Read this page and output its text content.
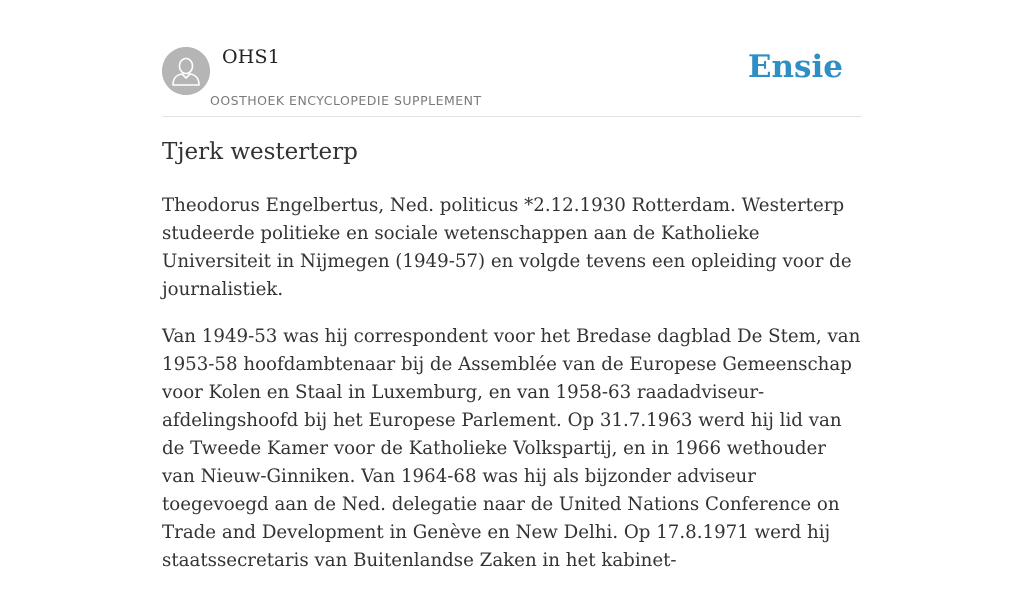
OHS1
OOSTHOEK ENCYCLOPEDIE SUPPLEMENT
Ensie
Tjerk westerterp

Theodorus Engelbertus, Ned. politicus *2.12.1930 Rotterdam. Westerterp studeerde politieke en sociale wetenschappen aan de Katholieke Universiteit in Nijmegen (1949-57) en volgde tevens een opleiding voor de journalistiek.

Van 1949-53 was hij correspondent voor het Bredase dagblad De Stem, van 1953-58 hoofdambtenaar bij de Assemblée van de Europese Gemeenschap voor Kolen en Staal in Luxemburg, en van 1958-63 raadadviseur-afdelingshoofd bij het Europese Parlement. Op 31.7.1963 werd hij lid van de Tweede Kamer voor de Katholieke Volkspartij, en in 1966 wethouder van Nieuw-Ginniken. Van 1964-68 was hij als bijzonder adviseur toegevoegd aan de Ned. delegatie naar de United Nations Conference on Trade and Development in Genève en New Delhi. Op 17.8.1971 werd hij staatssecretaris van Buitenlandse Zaken in het kabinet-
